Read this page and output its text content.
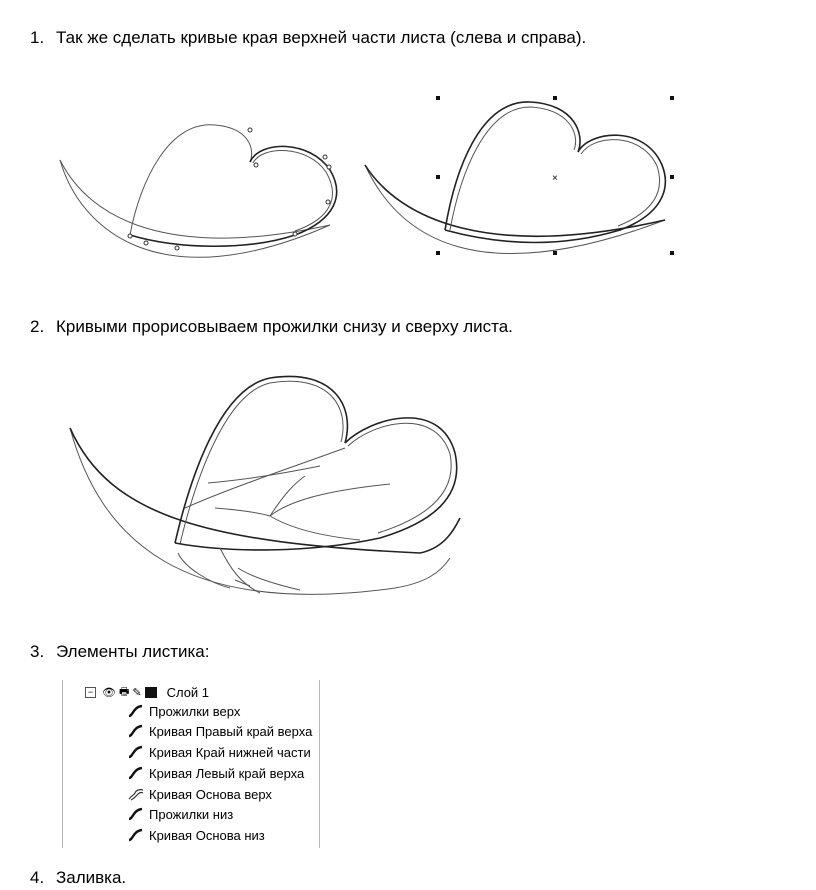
1. Так же сделать кривые края верхней части листа (слева и справа).
2. Кривыми прорисовываем прожилки снизу и сверху листа.
3. Элементы листика:
4. Заливка.
×
− 👁 🖶 ✎ Слой 1
Прожилки верх
Кривая Правый край верха
Кривая Край нижней части
Кривая Левый край верха
Кривая Основа верх
Прожилки низ
Кривая Основа низ
